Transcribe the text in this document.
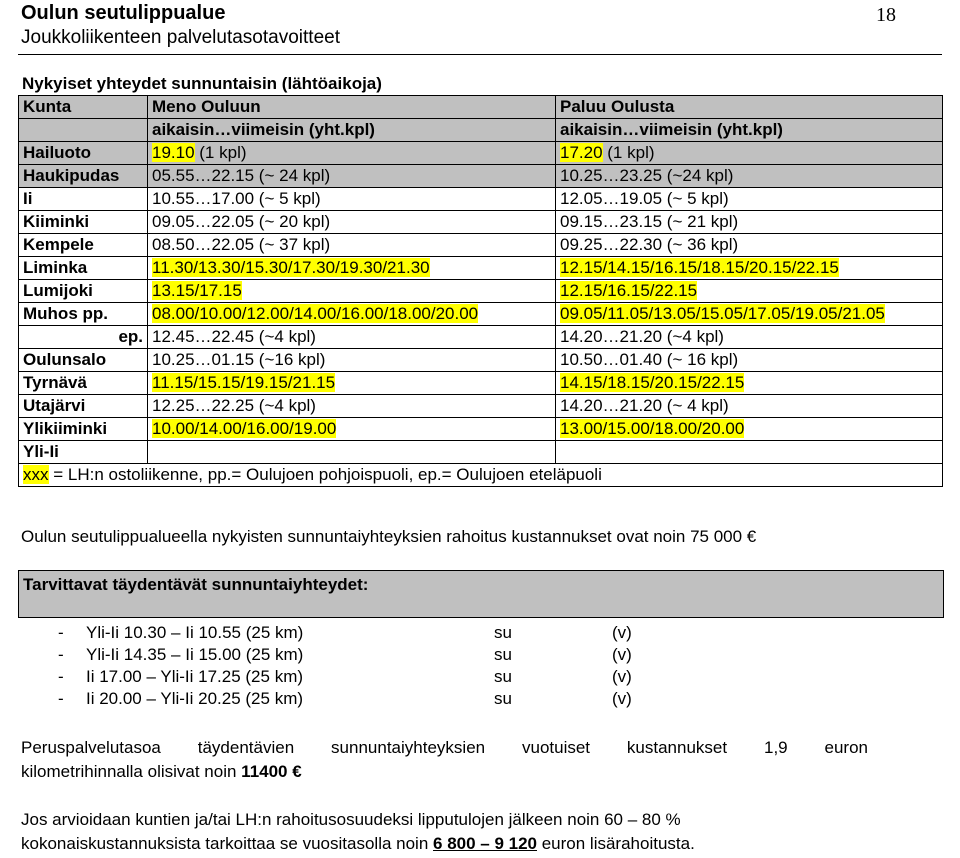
Oulun seutulippualue
Joukkoliikenteen palvelutasotavoitteet
18
Nykyiset yhteydet sunnuntaisin (lähtöaikoja)
Kunta	Meno Ouluun	Paluu Oulusta
	aikaisin…viimeisin (yht.kpl)	aikaisin…viimeisin (yht.kpl)
Hailuoto	19.10 (1 kpl)	17.20 (1 kpl)
Haukipudas	05.55…22.15 (~ 24 kpl)	10.25…23.25 (~24 kpl)
Ii	10.55…17.00 (~ 5 kpl)	12.05…19.05 (~ 5 kpl)
Kiiminki	09.05…22.05 (~ 20 kpl)	09.15…23.15 (~ 21 kpl)
Kempele	08.50…22.05 (~ 37 kpl)	09.25…22.30 (~ 36 kpl)
Liminka	11.30/13.30/15.30/17.30/19.30/21.30	12.15/14.15/16.15/18.15/20.15/22.15
Lumijoki	13.15/17.15	12.15/16.15/22.15
Muhos pp.	08.00/10.00/12.00/14.00/16.00/18.00/20.00	09.05/11.05/13.05/15.05/17.05/19.05/21.05
ep.	12.45…22.45 (~4 kpl)	14.20…21.20 (~4 kpl)
Oulunsalo	10.25…01.15 (~16 kpl)	10.50…01.40 (~ 16 kpl)
Tyrnävä	11.15/15.15/19.15/21.15	14.15/18.15/20.15/22.15
Utajärvi	12.25…22.25 (~4 kpl)	14.20…21.20 (~ 4 kpl)
Ylikiiminki	10.00/14.00/16.00/19.00	13.00/15.00/18.00/20.00
Yli-Ii		
xxx = LH:n ostoliikenne, pp.= Oulujoen pohjoispuoli, ep.= Oulujoen eteläpuoli		
Oulun seutulippualueella nykyisten sunnuntaiyhteyksien rahoitus kustannukset ovat noin 75 000 €
Tarvittavat täydentävät sunnuntaiyhteydet:
- Yli-Ii 10.30 – Ii 10.55 (25 km)	su	(v)
- Yli-Ii 14.35 – Ii 15.00 (25 km)	su	(v)
- Ii 17.00 – Yli-Ii 17.25 (25 km)	su	(v)
- Ii 20.00 – Yli-Ii 20.25 (25 km)	su	(v)
Peruspalvelutasoa täydentävien sunnuntaiyhteyksien vuotuiset kustannukset 1,9 euron
kilometrihinnalla olisivat noin 11400 €
Jos arvioidaan kuntien ja/tai LH:n rahoitusosuudeksi lipputulojen jälkeen noin 60 – 80 %
kokonaiskustannuksista tarkoittaa se vuositasolla noin 6 800 – 9 120 euron lisärahoitusta.
